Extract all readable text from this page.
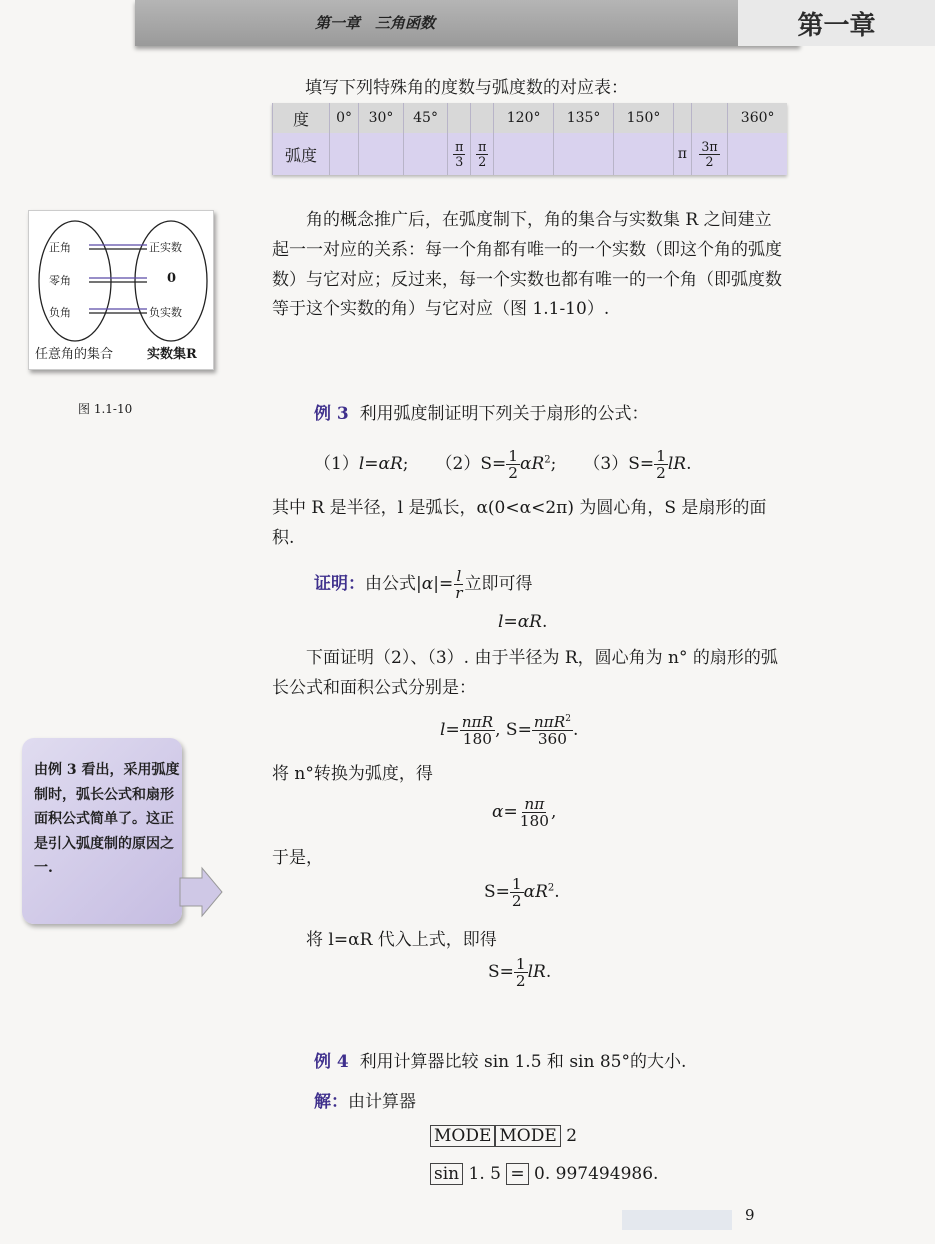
第一章　三角函数	第一章
填写下列特殊角的度数与弧度数的对应表：
度	0°	30°	45°			120°	135°	150°			360°
弧度				$\frac{\pi}{3}$	$\frac{\pi}{2}$				π	$\frac{3\pi}{2}$

正角
零角
负角
正实数
0
负实数
任意角的集合	实数集R
图 1.1-10
角的概念推广后，在弧度制下，角的集合与实数集 R 之间建立起一一对应的关系：每一个角都有唯一的一个实数（即这个角的弧度数）与它对应；反过来，每一个实数也都有唯一的一个角（即弧度数等于这个实数的角）与它对应（图 1.1-10）.
例 3 利用弧度制证明下列关于扇形的公式：
（1）l=αR;     $(2)S= \frac{1}{2} \alpha R^2$;     $(3)S= \frac{1}{2}$ lR.
其中 R 是半径，l 是弧长，α(0<α<2π) 为圆心角，S 是扇形的面积.
证明：由公式$|\alpha|= \frac{l}{r}$ 立即可得
l=αR.
下面证明（2）、（3）. 由于半径为 R，圆心角为 n° 的扇形的弧长公式和面积公式分别是：
$l= \frac{\text{nπR}}{180}$ , $S= \frac{n\pi R^2}{360}$ .
将 n°转换为弧度，得
$\alpha= \frac{n\pi}{180}$ ,
于是，
$S= \frac{1}{2} \alpha R^2$.
将 l=αR 代入上式，即得
$S= \frac{1}{2}$ lR.
由例 3 看出，采用弧度制时，弧长公式和扇形面积公式简单了。这正是引入弧度制的原因之一.
例 4 利用计算器比较 sin 1.5 和 sin 85°的大小.
解：由计算器
MODE MODE 2
sin 1. 5 = 0. 997494986.
9
